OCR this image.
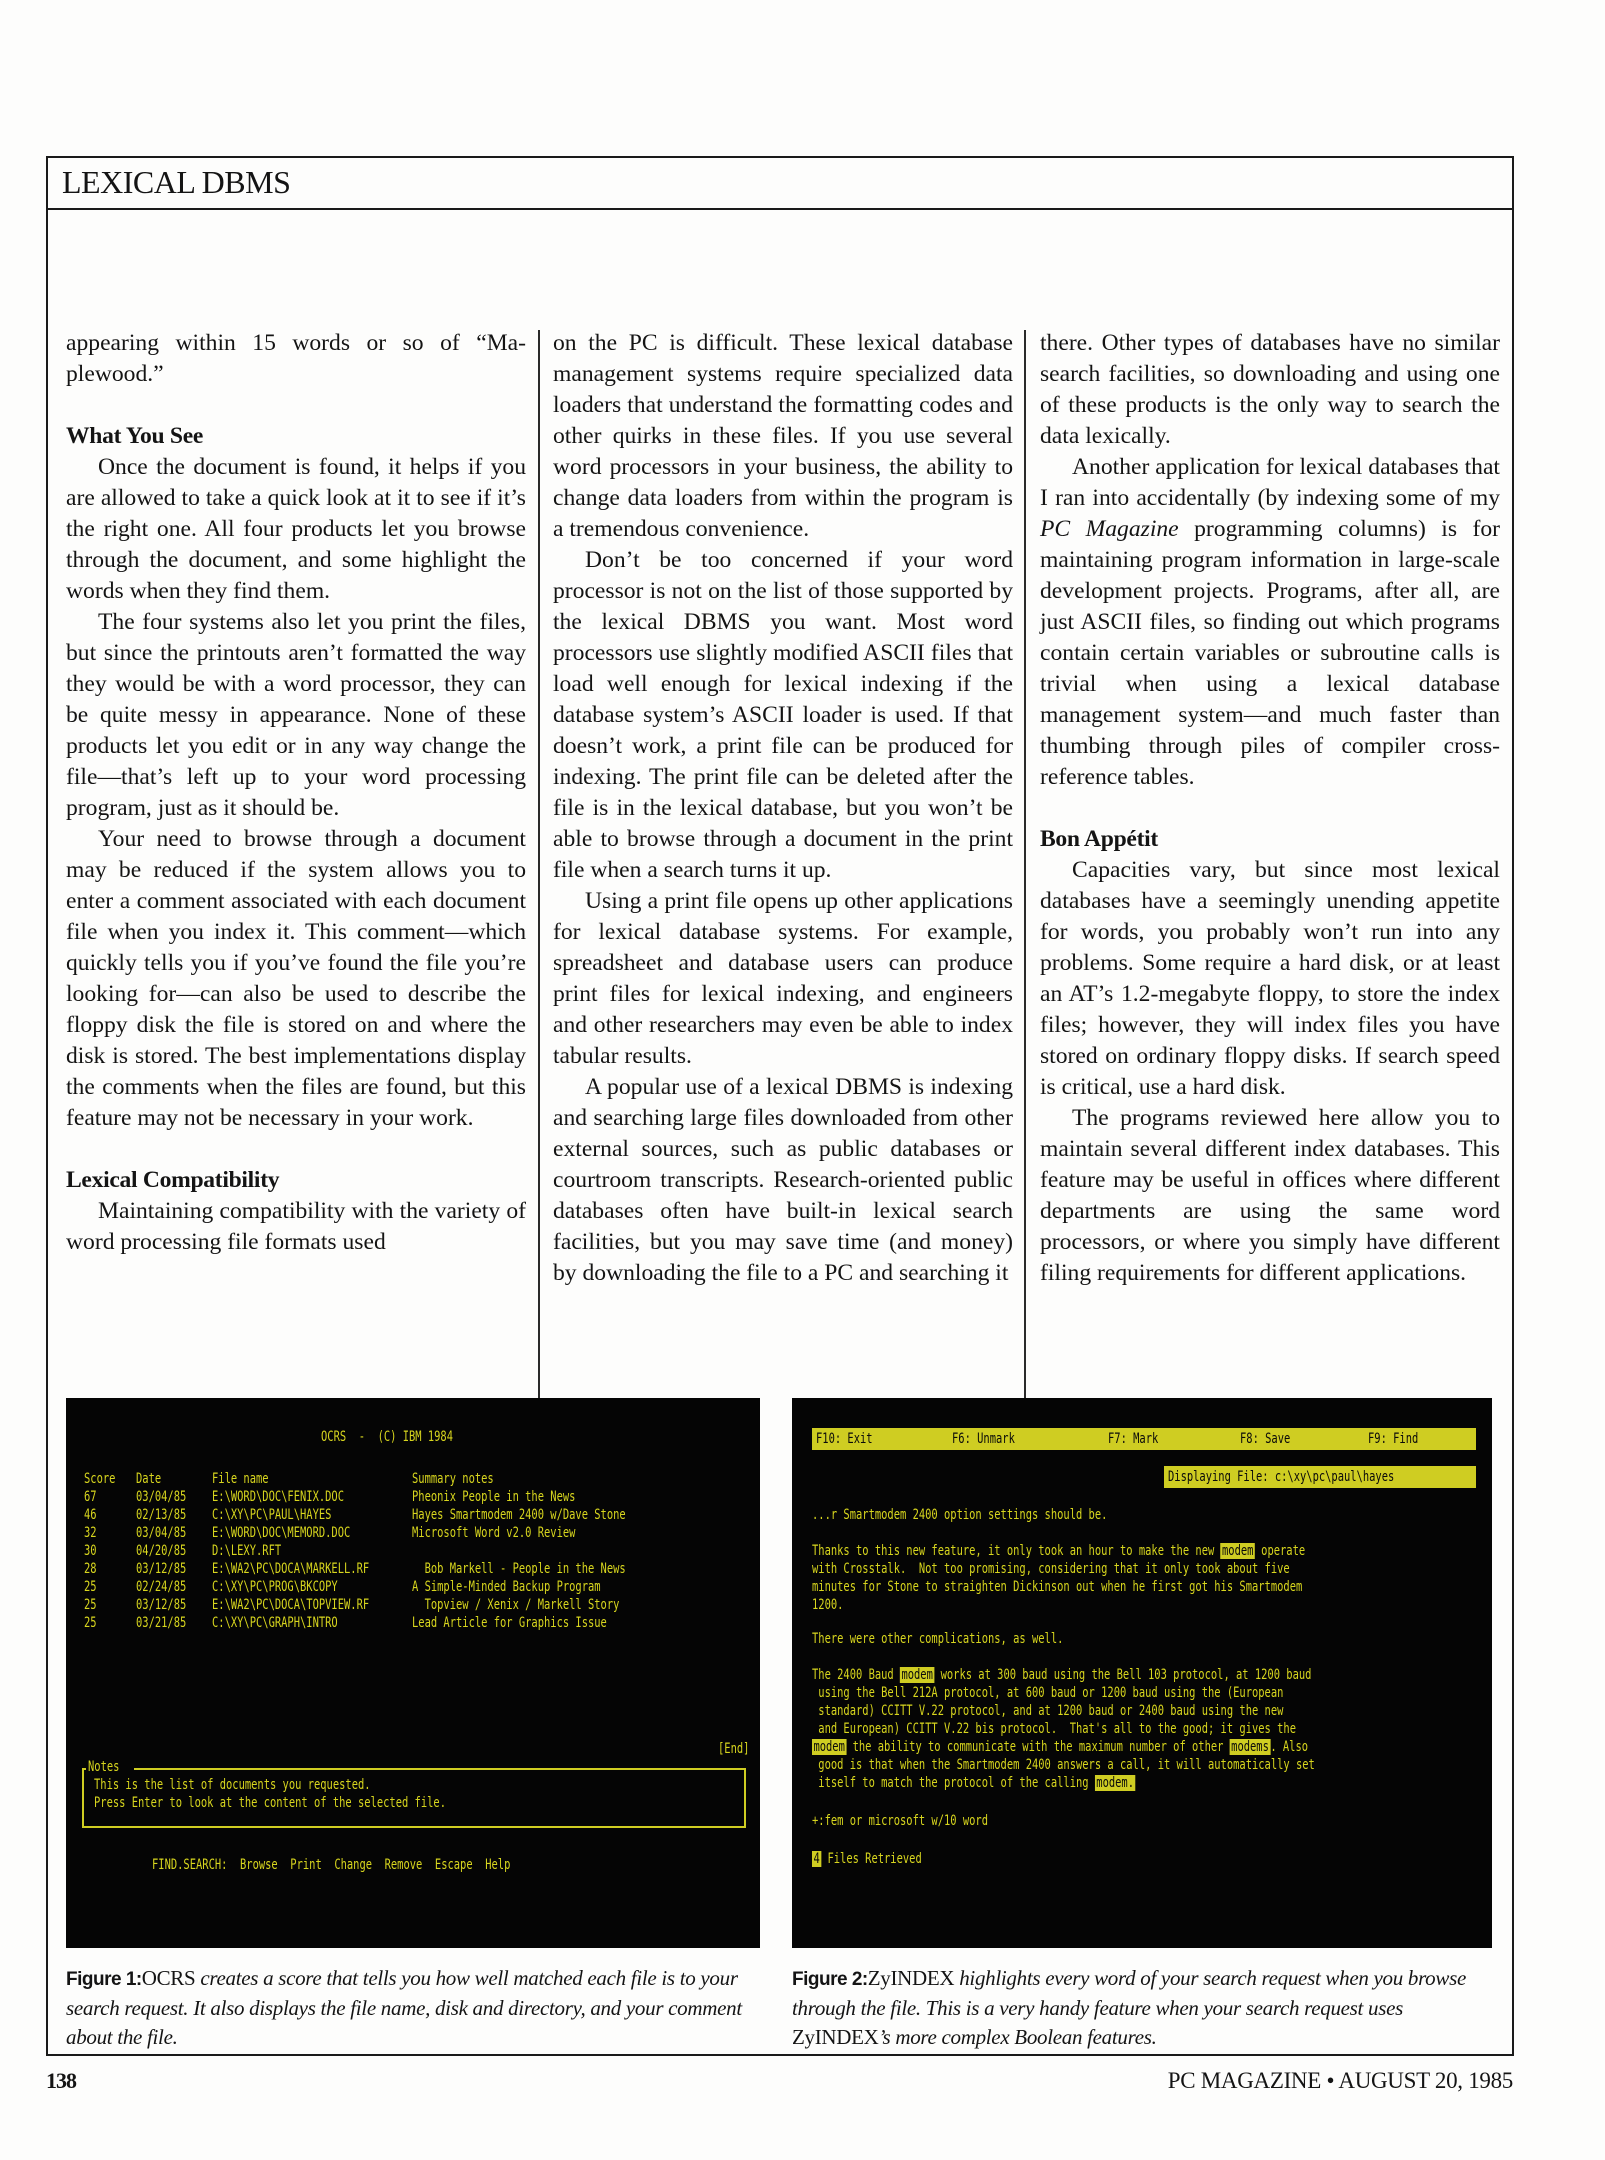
LEXICAL DBMS

appearing within 15 words or so of “Maplewood.”

What You See

Once the document is found, it helps if you are allowed to take a quick look at it to see if it’s the right one. All four products let you browse through the document, and some highlight the words when they find them.

The four systems also let you print the files, but since the printouts aren’t formatted the way they would be with a word processor, they can be quite messy in appearance. None of these products let you edit or in any way change the file—that’s left up to your word processing program, just as it should be.

Your need to browse through a document may be reduced if the system allows you to enter a comment associated with each document file when you index it. This comment—which quickly tells you if you’ve found the file you’re looking for—can also be used to describe the floppy disk the file is stored on and where the disk is stored. The best implementations display the comments when the files are found, but this feature may not be necessary in your work.

Lexical Compatibility

Maintaining compatibility with the variety of word processing file formats used

on the PC is difficult. These lexical database management systems require specialized data loaders that understand the formatting codes and other quirks in these files. If you use several word processors in your business, the ability to change data loaders from within the program is a tremendous convenience.

Don’t be too concerned if your word processor is not on the list of those supported by the lexical DBMS you want. Most word processors use slightly modified ASCII files that load well enough for lexical indexing if the database system’s ASCII loader is used. If that doesn’t work, a print file can be produced for indexing. The print file can be deleted after the file is in the lexical database, but you won’t be able to browse through a document in the print file when a search turns it up.

Using a print file opens up other applications for lexical database systems. For example, spreadsheet and database users can produce print files for lexical indexing, and engineers and other researchers may even be able to index tabular results.

A popular use of a lexical DBMS is indexing and searching large files downloaded from other external sources, such as public databases or courtroom transcripts. Research-oriented public databases often have built-in lexical search facilities, but you may save time (and money) by downloading the file to a PC and searching it

there. Other types of databases have no similar search facilities, so downloading and using one of these products is the only way to search the data lexically.

Another application for lexical databases that I ran into accidentally (by indexing some of my PC Magazine programming columns) is for maintaining program information in large-scale development projects. Programs, after all, are just ASCII files, so finding out which programs contain certain variables or subroutine calls is trivial when using a lexical database management system—and much faster than thumbing through piles of compiler cross-reference tables.

Bon Appétit

Capacities vary, but since most lexical databases have a seemingly unending appetite for words, you probably won’t run into any problems. Some require a hard disk, or at least an AT’s 1.2-megabyte floppy, to store the index files; however, they will index files you have stored on ordinary floppy disks. If search speed is critical, use a hard disk.

The programs reviewed here allow you to maintain several different index databases. This feature may be useful in offices where different departments are using the same word processors, or where you simply have different filing requirements for different applications.

OCRS  -  (C) IBM 1984
Score	Date	File name	Summary notes
67	03/04/85	E:\WORD\DOC\FENIX.DOC	Pheonix People in the News
46	02/13/85	C:\XY\PC\PAUL\HAYES	Hayes Smartmodem 2400 w/Dave Stone
32	03/04/85	E:\WORD\DOC\MEMORD.DOC	Microsoft Word v2.0 Review
30	04/20/85	D:\LEXY.RFT
28	03/12/85	E:\WA2\PC\DOCA\MARKELL.RF	Bob Markell - People in the News
25	02/24/85	C:\XY\PC\PROG\BKCOPY	A Simple-Minded Backup Program
25	03/12/85	E:\WA2\PC\DOCA\TOPVIEW.RF	Topview / Xenix / Markell Story
25	03/21/85	C:\XY\PC\GRAPH\INTRO	Lead Article for Graphics Issue
[End]
Notes
This is the list of documents you requested.
Press Enter to look at the content of the selected file.

FIND.SEARCH: Browse Print Change Remove Escape Help

Figure 1:OCRS creates a score that tells you how well matched each file is to your search request. It also displays the file name, disk and directory, and your comment about the file.
F10: Exit	F6: Unmark	F7: Mark	F8: Save	F9: Find
Displaying File: c:\xy\pc\paul\hayes
...r Smartmodem 2400 option settings should be.
Thanks to this new feature, it only took an hour to make the new modem operate
with Crosstalk.  Not too promising, considering that it only took about five
minutes for Stone to straighten Dickinson out when he first got his Smartmodem
1200.
There were other complications, as well.
The 2400 Baud modem works at 300 baud using the Bell 103 protocol, at 1200 baud
using the Bell 212A protocol, at 600 baud or 1200 baud using the (European
standard) CCITT V.22 protocol, and at 1200 baud or 2400 baud using the new
and European) CCITT V.22 bis protocol.  That's all to the good; it gives the
modem the ability to communicate with the maximum number of other modems. Also
good is that when the Smartmodem 2400 answers a call, it will automatically set
itself to match the protocol of the calling modem.
+:fem or microsoft w/10 word
4 Files Retrieved
Figure 2:ZyINDEX highlights every word of your search request when you browse through the file. This is a very handy feature when your search request uses ZyINDEX’s more complex Boolean features.
138	PC MAGAZINE • AUGUST 20, 1985
